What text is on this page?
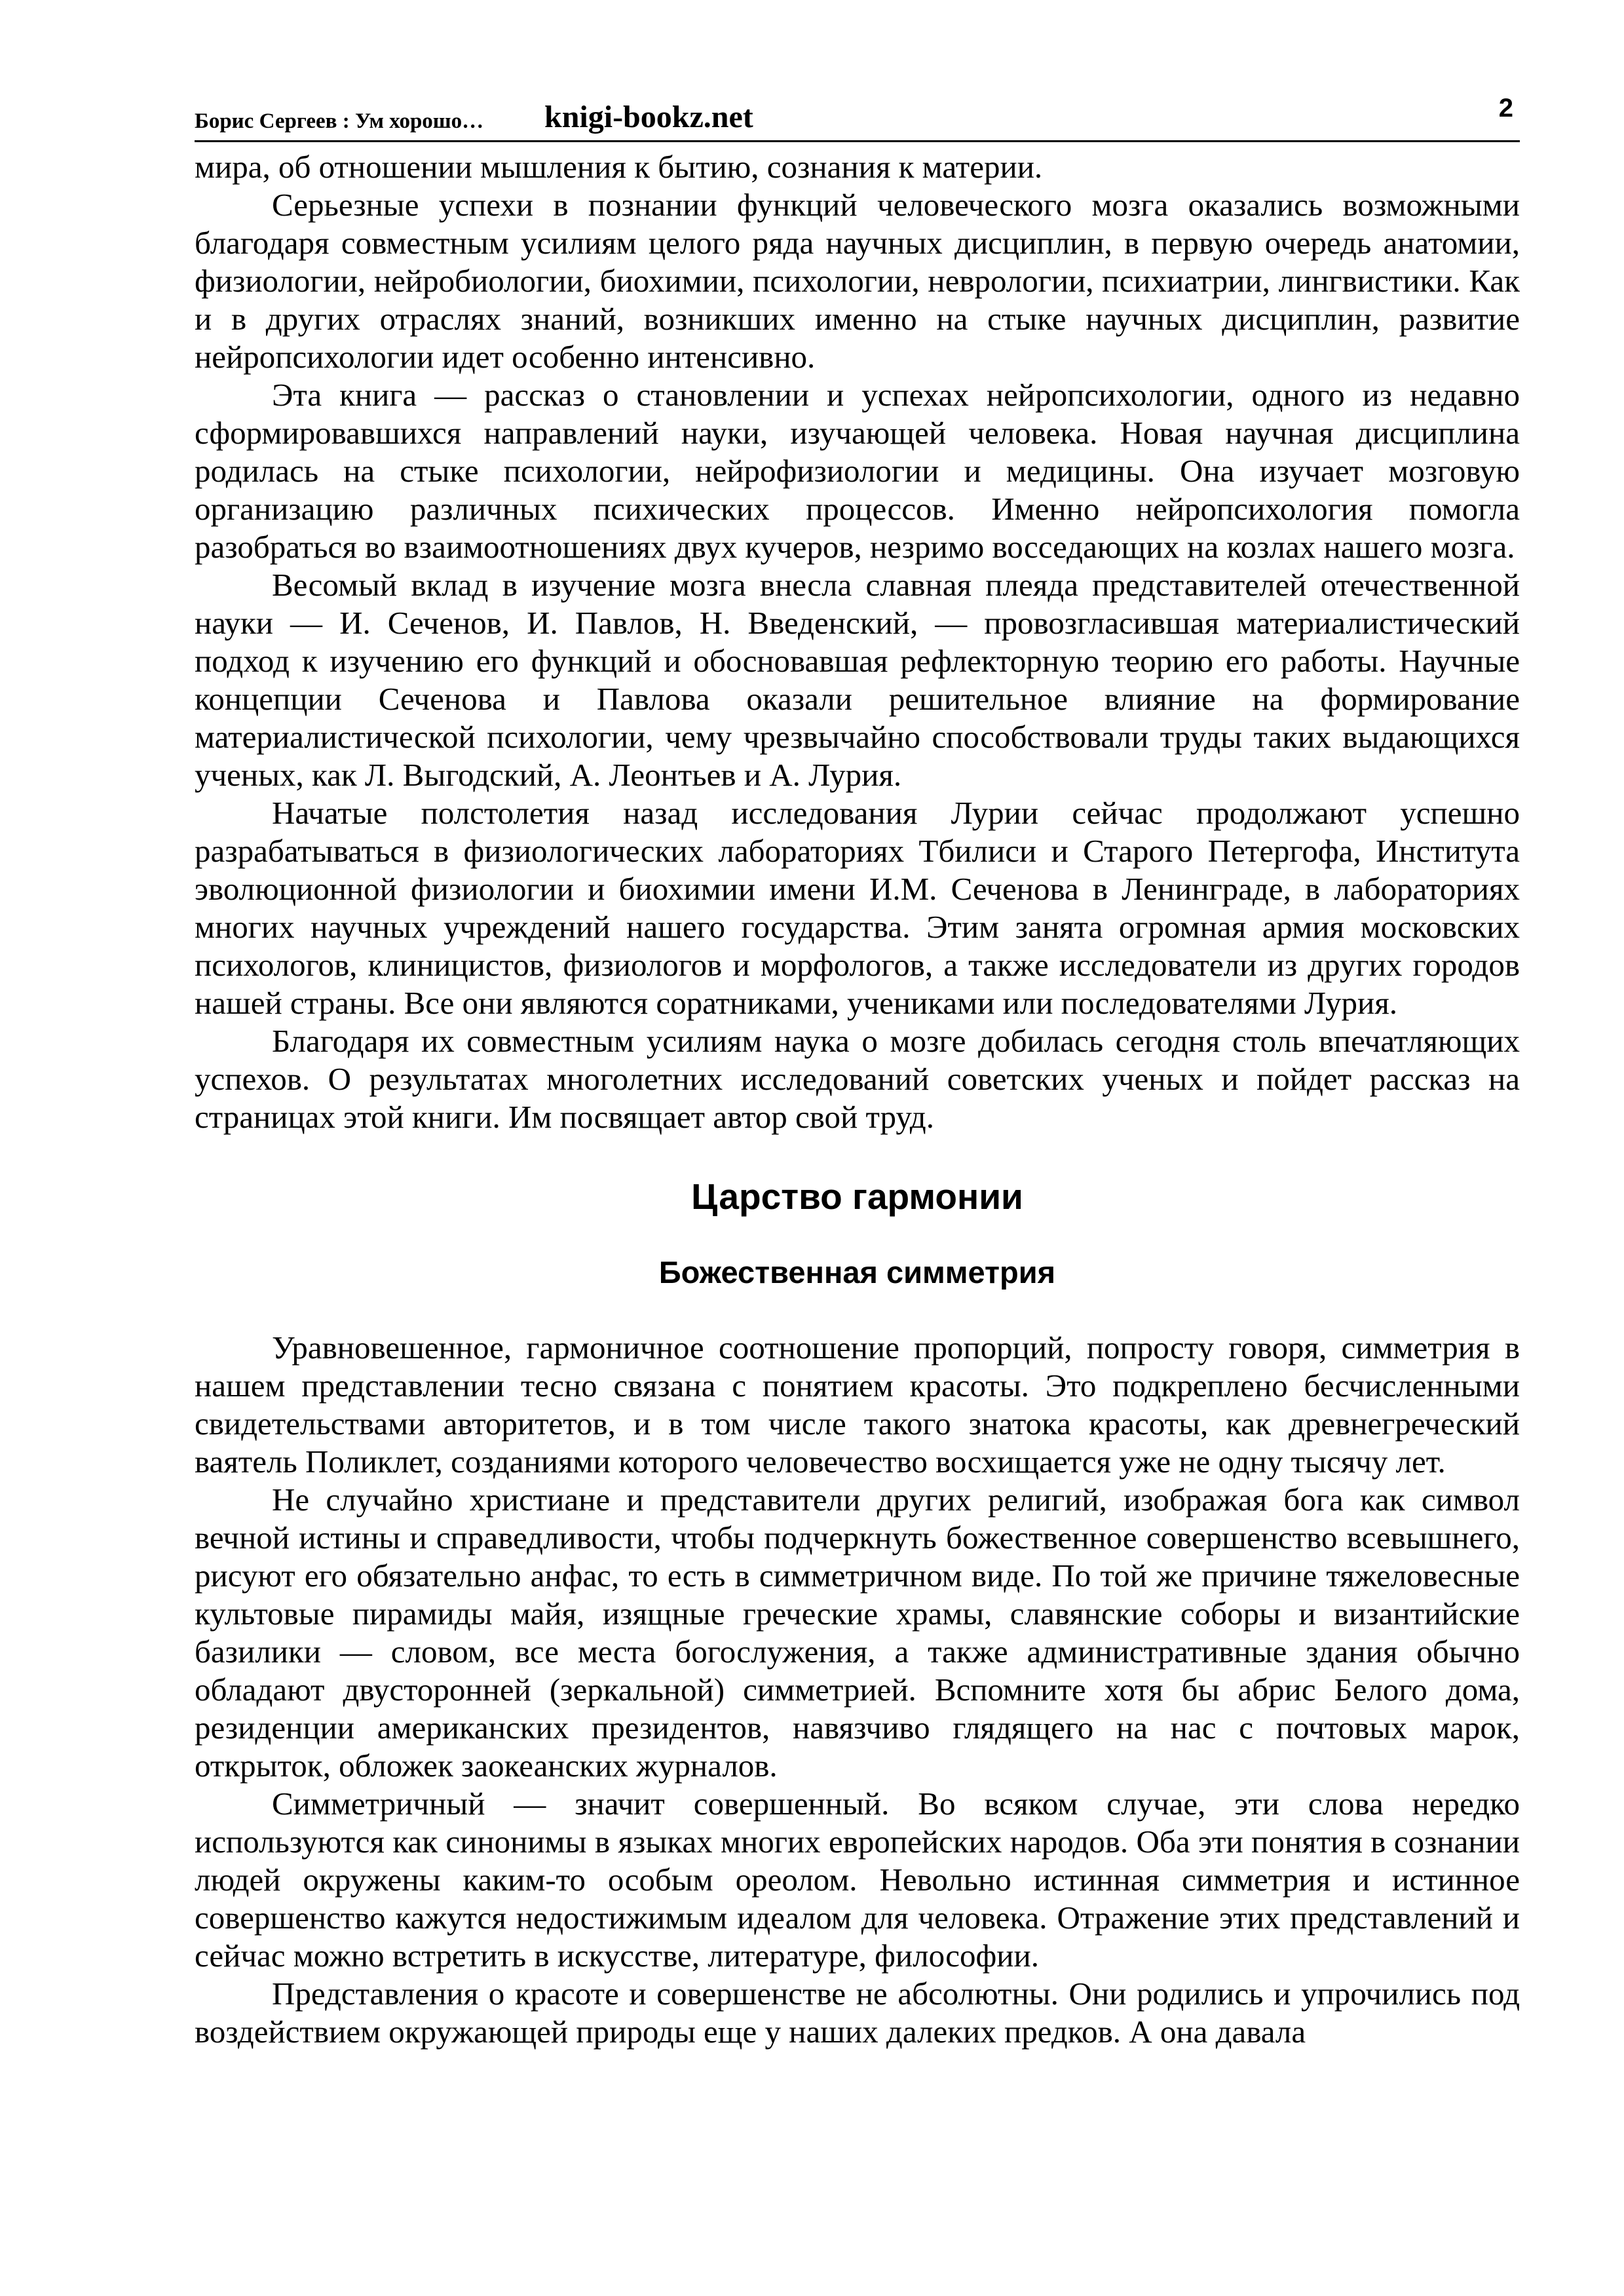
Борис Сергеев : Ум хорошо… knigi-bookz.net	2

мира, об отношении мышления к бытию, сознания к материи.

Серьезные успехи в познании функций человеческого мозга оказались возможными благодаря совместным усилиям целого ряда научных дисциплин, в первую очередь анатомии, физиологии, нейробиологии, биохимии, психологии, неврологии, психиатрии, лингвистики. Как и в других отраслях знаний, возникших именно на стыке научных дисциплин, развитие нейропсихологии идет особенно интенсивно.

Эта книга — рассказ о становлении и успехах нейропсихологии, одного из недавно сформировавшихся направлений науки, изучающей человека. Новая научная дисциплина родилась на стыке психологии, нейрофизиологии и медицины. Она изучает мозговую организацию различных психических процессов. Именно нейропсихология помогла разобраться во взаимоотношениях двух кучеров, незримо восседающих на козлах нашего мозга.

Весомый вклад в изучение мозга внесла славная плеяда представителей отечественной науки — И. Сеченов, И. Павлов, Н. Введенский, — провозгласившая материалистический подход к изучению его функций и обосновавшая рефлекторную теорию его работы. Научные концепции Сеченова и Павлова оказали решительное влияние на формирование материалистической психологии, чему чрезвычайно способствовали труды таких выдающихся ученых, как Л. Выгодский, А. Леонтьев и А. Лурия.

Начатые полстолетия назад исследования Лурии сейчас продолжают успешно разрабатываться в физиологических лабораториях Тбилиси и Старого Петергофа, Института эволюционной физиологии и биохимии имени И.М. Сеченова в Ленинграде, в лабораториях многих научных учреждений нашего государства. Этим занята огромная армия московских психологов, клиницистов, физиологов и морфологов, а также исследователи из других городов нашей страны. Все они являются соратниками, учениками или последователями Лурия.

Благодаря их совместным усилиям наука о мозге добилась сегодня столь впечатляющих успехов. О результатах многолетних исследований советских ученых и пойдет рассказ на страницах этой книги. Им посвящает автор свой труд.

Царство гармонии
Божественная симметрия

Уравновешенное, гармоничное соотношение пропорций, попросту говоря, симметрия в нашем представлении тесно связана с понятием красоты. Это подкреплено бесчисленными свидетельствами авторитетов, и в том числе такого знатока красоты, как древнегреческий ваятель Поликлет, созданиями которого человечество восхищается уже не одну тысячу лет.

Не случайно христиане и представители других религий, изображая бога как символ вечной истины и справедливости, чтобы подчеркнуть божественное совершенство всевышнего, рисуют его обязательно анфас, то есть в симметричном виде. По той же причине тяжеловесные культовые пирамиды майя, изящные греческие храмы, славянские соборы и византийские базилики — словом, все места богослужения, а также административные здания обычно обладают двусторонней (зеркальной) симметрией. Вспомните хотя бы абрис Белого дома, резиденции американских президентов, навязчиво глядящего на нас с почтовых марок, открыток, обложек заокеанских журналов.

Симметричный — значит совершенный. Во всяком случае, эти слова нередко используются как синонимы в языках многих европейских народов. Оба эти понятия в сознании людей окружены каким-то особым ореолом. Невольно истинная симметрия и истинное совершенство кажутся недостижимым идеалом для человека. Отражение этих представлений и сейчас можно встретить в искусстве, литературе, философии.

Представления о красоте и совершенстве не абсолютны. Они родились и упрочились под воздействием окружающей природы еще у наших далеких предков. А она давала
